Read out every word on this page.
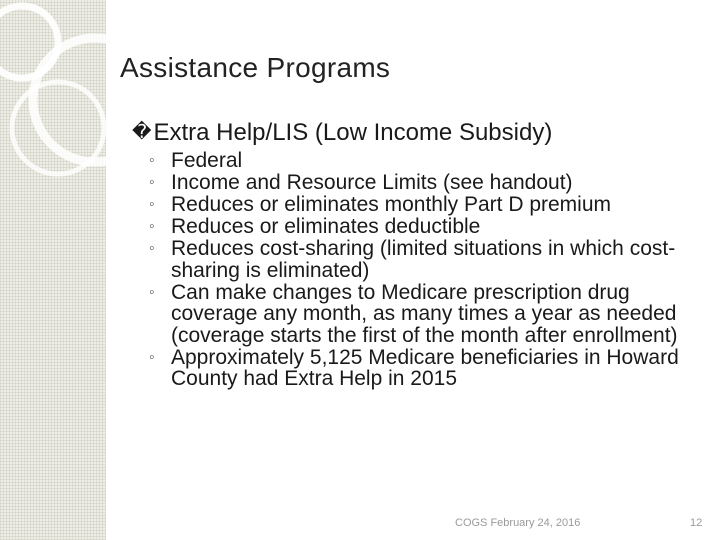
Assistance Programs
�Extra Help/LIS (Low Income Subsidy)
◦ Federal
◦ Income and Resource Limits (see handout)
◦ Reduces or eliminates monthly Part D premium
◦ Reduces or eliminates deductible
◦ Reduces cost-sharing (limited situations in which cost-sharing is eliminated)
◦ Can make changes to Medicare prescription drug coverage any month, as many times a year as needed (coverage starts the first of the month after enrollment)
◦ Approximately 5,125 Medicare beneficiaries in Howard County had Extra Help in 2015
COGS February 24, 2016	12
